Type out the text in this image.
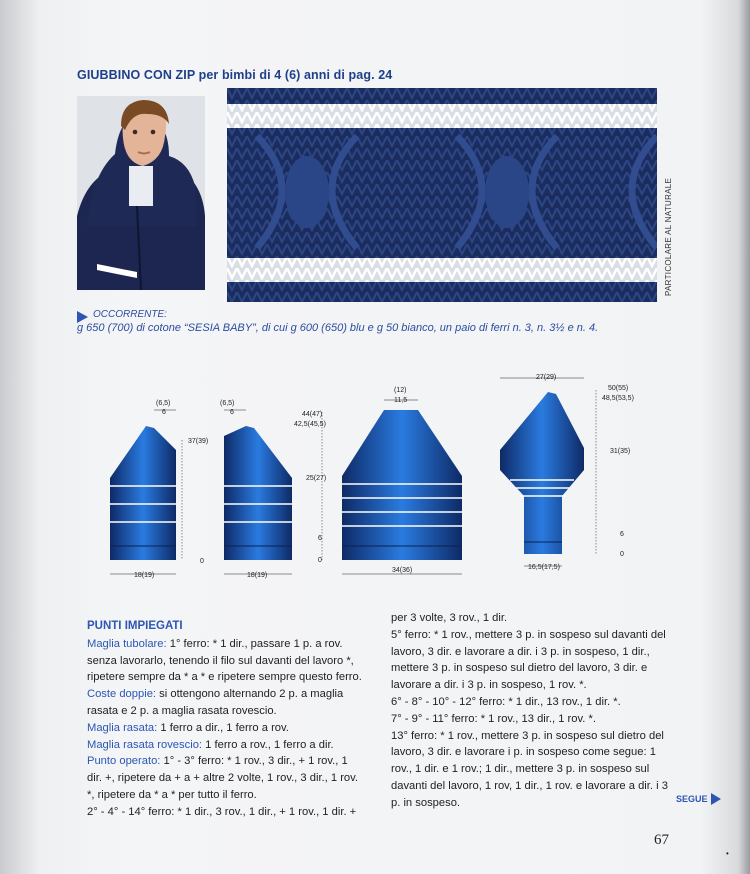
GIUBBINO CON ZIP per bimbi di 4 (6) anni di pag. 24
PARTICOLARE AL NATURALE
OCCORRENTE:
g 650 (700) di cotone “SESIA BABY”, di cui g 600 (650) blu e g 50 bianco, un paio di ferri n. 3, n. 3½ e n. 4.
(6,5)
6
37(39)
0
18(19)
(6,5)
6
18(19)
(12)
11,5
44(47)
42,5(45,5)
25(27)
6
0
34(36)
27(29)
50(55)
48,5(53,5)
31(35)
6
0
16,5(17,5)
PUNTI IMPIEGATI
Maglia tubolare: 1° ferro: * 1 dir., passare 1 p. a rov. senza lavorarlo, tenendo il filo sul davanti del lavoro *, ripetere sempre da * a * e ripetere sempre questo ferro.
Coste doppie: si ottengono alternando 2 p. a maglia rasata e 2 p. a maglia rasata rovescio.
Maglia rasata: 1 ferro a dir., 1 ferro a rov.
Maglia rasata rovescio: 1 ferro a rov., 1 ferro a dir.
Punto operato: 1° - 3° ferro: * 1 rov., 3 dir., + 1 rov., 1 dir. +, ripetere da + a + altre 2 volte, 1 rov., 3 dir., 1 rov. *, ripetere da * a * per tutto il ferro.
2° - 4° - 14° ferro: * 1 dir., 3 rov., 1 dir., + 1 rov., 1 dir. +
per 3 volte, 3 rov., 1 dir.
5° ferro: * 1 rov., mettere 3 p. in sospeso sul davanti del lavoro, 3 dir. e lavorare a dir. i 3 p. in sospeso, 1 dir., mettere 3 p. in sospeso sul dietro del lavoro, 3 dir. e lavorare a dir. i 3 p. in sospeso, 1 rov. *.
6° - 8° - 10° - 12° ferro: * 1 dir., 13 rov., 1 dir. *.
7° - 9° - 11° ferro: * 1 rov., 13 dir., 1 rov. *.
13° ferro: * 1 rov., mettere 3 p. in sospeso sul dietro del lavoro, 3 dir. e lavorare i p. in sospeso come segue: 1 rov., 1 dir. e 1 rov.; 1 dir., mettere 3 p. in sospeso sul davanti del lavoro, 1 rov, 1 dir., 1 rov. e lavorare a dir. i 3 p. in sospeso.	SEGUE
67
•
